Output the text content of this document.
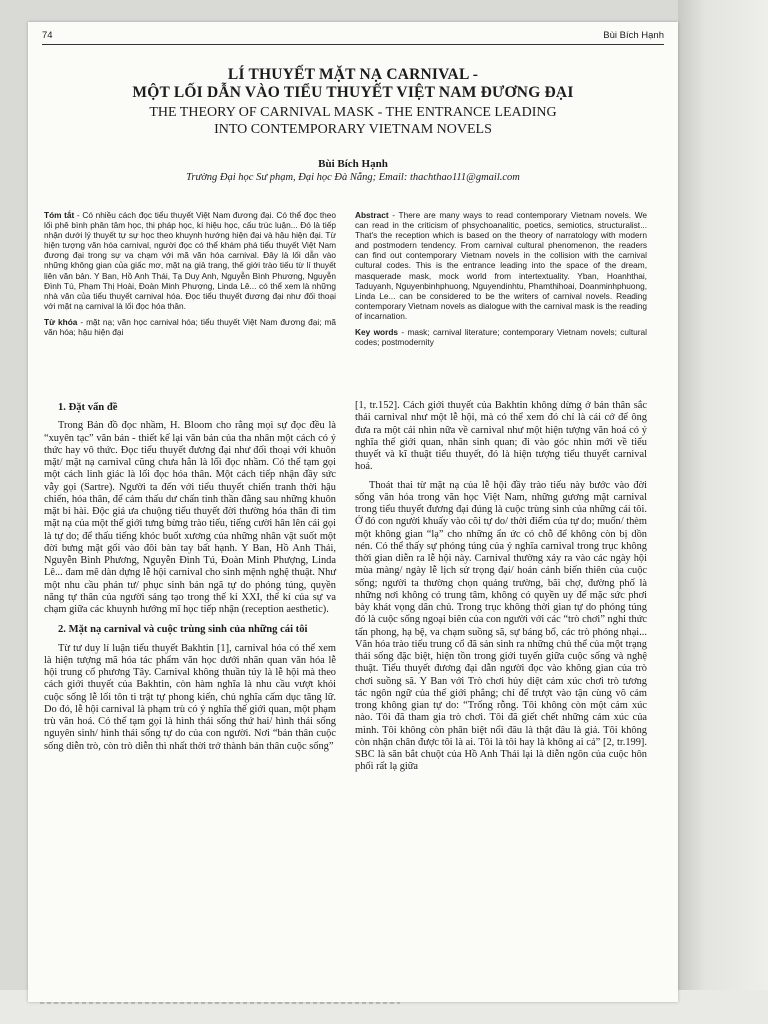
74	Bùi Bích Hạnh
LÍ THUYẾT MẶT NẠ CARNIVAL -
MỘT LỐI DẪN VÀO TIỂU THUYẾT VIỆT NAM ĐƯƠNG ĐẠI
THE THEORY OF CARNIVAL MASK - THE ENTRANCE LEADING
INTO CONTEMPORARY VIETNAM NOVELS
Bùi Bích Hạnh
Trường Đại học Sư phạm, Đại học Đà Nẵng; Email: thachthao111@gmail.com

Tóm tắt - Có nhiều cách đọc tiểu thuyết Việt Nam đương đại. Có thể đọc theo lối phê bình phân tâm học, thi pháp học, kí hiệu học, cấu trúc luận... Đó là tiếp nhận dưới lý thuyết tự sự học theo khuynh hướng hiện đại và hậu hiện đại. Từ hiện tượng văn hóa carnival, người đọc có thể khám phá tiểu thuyết Việt Nam đương đại trong sự va chạm với mã văn hóa carnival. Đây là lối dẫn vào những không gian của giấc mơ, mặt nạ giả trang, thế giới trào tiếu từ lí thuyết liên văn bản. Y Ban, Hồ Anh Thái, Tạ Duy Anh, Nguyễn Bình Phương, Nguyễn Đình Tú, Phạm Thị Hoài, Đoàn Minh Phượng, Linda Lê... có thể xem là những nhà văn của tiểu thuyết carnival hóa. Đọc tiểu thuyết đương đại như đối thoại với mặt nạ carnival là lối đọc hóa thân.

Từ khóa - mặt nạ; văn học carnival hóa; tiểu thuyết Việt Nam đương đại; mã văn hóa; hậu hiện đại

Abstract - There are many ways to read contemporary Vietnam novels. We can read in the criticism of phsychoanalitic, poetics, semiotics, structuralist... That's the reception which is based on the theory of narratology with modern and postmodern tendency. From carnival cultural phenomenon, the readers can find out contemporary Vietnam novels in the collision with the carnival cultural codes. This is the entrance leading into the space of the dream, masquerade mask, mock world from intertextuality. Yban, Hoanhthai, Taduyanh, Nguyenbinhphuong, Nguyendinhtu, Phamthihoai, Doanminhphuong, Linda Le... can be considered to be the writers of carnival novels. Reading contemporary Vietnam novels as dialogue with the carnival mask is the reading of incarnation.

Key words - mask; carnival literature; contemporary Vietnam novels; cultural codes; postmodernity

1. Đặt vấn đề

Trong Bản đồ đọc nhầm, H. Bloom cho rằng mọi sự đọc đều là “xuyên tạc” văn bản - thiết kế lại văn bản của tha nhân một cách có ý thức hay vô thức. Đọc tiểu thuyết đương đại như đối thoại với khuôn mặt/ mặt nạ carnival cũng chưa hẳn là lối đọc nhầm. Có thể tạm gọi một cách linh giác là lối đọc hóa thân. Một cách tiếp nhận đầy sức vẫy gọi (Sartre). Người ta đến với tiểu thuyết chiến tranh thời hậu chiến, hóa thân, để cảm thấu dư chấn tinh thần đằng sau những khuôn mặt bi hài. Độc giả ưa chuộng tiểu thuyết đời thường hóa thân đi tìm mặt nạ của một thế giới tưng bừng trào tiếu, tiếng cười hân lên cái gọi là tự do; để thấu tiếng khóc buốt xương của những nhân vật suốt một đời bưng mặt gối vào đôi bàn tay bất hạnh. Y Ban, Hồ Anh Thái, Nguyễn Bình Phương, Nguyễn Đình Tú, Đoàn Minh Phượng, Linda Lê... đam mê dàn dựng lễ hội carnival cho sinh mệnh nghệ thuật. Như một nhu cầu phản tư/ phục sinh bản ngã tự do phóng túng, quyền năng tự thân của người sáng tạo trong thế kỉ XXI, thể kí của sự va chạm giữa các khuynh hướng mĩ học tiếp nhận (reception aesthetic).

2. Mặt nạ carnival và cuộc trùng sinh của những cái tôi

Từ tư duy lí luận tiểu thuyết Bakhtin [1], carnival hóa có thể xem là hiện tượng mã hóa tác phẩm văn học dưới nhãn quan văn hóa lễ hội trung cổ phương Tây. Carnival không thuần túy là lễ hội mà theo cách giới thuyết của Bakhtin, còn hàm nghĩa là nhu cầu vượt khỏi cuộc sống lễ lối tôn ti trật tự phong kiến, chủ nghĩa cấm dục tăng lữ. Do đó, lễ hội carnival là phạm trù có ý nghĩa thế giới quan, một phạm trù văn hoá. Có thể tạm gọi là hình thái sống thứ hai/ hình thái sống nguyên sinh/ hình thái sống tự do của con người. Nơi “bản thân cuộc sống diễn trò, còn trò diễn thì nhất thời trở thành bản thân cuộc sống”

[1, tr.152]. Cách giới thuyết của Bakhtin không dừng ở bản thân sắc thái carnival như một lễ hội, mà có thể xem đó chỉ là cái cớ để ông đưa ra một cái nhìn nữa về carnival như một hiện tượng văn hoá có ý nghĩa thế giới quan, nhân sinh quan; đi vào góc nhìn mới về tiểu thuyết và kĩ thuật tiểu thuyết, đó là hiện tượng tiểu thuyết carnival hoá.

Thoát thai từ mặt nạ của lễ hội đầy trào tiếu này bước vào đời sống văn hóa trong văn học Việt Nam, những gương mặt carnival trong tiểu thuyết đương đại đúng là cuộc trùng sinh của những cái tôi. Ở đó con người khuấy vào cõi tự do/ thời điểm của tự do; muốn/ thèm một không gian “lạ” cho những ẩn ức có chỗ để không còn bị dồn nén. Có thể thấy sự phóng túng của ý nghĩa carnival trong trục không thời gian diễn ra lễ hội này. Carnival thường xảy ra vào các ngày hội mùa màng/ ngày lễ lịch sử trọng đại/ hoán cảnh biến thiên của cuộc sống; người ta thường chọn quảng trường, bãi chợ, đường phố là những nơi không có trung tâm, không có quyền uy để mặc sức phơi bày khát vọng dân chủ. Trong trục không thời gian tự do phóng túng đó là cuộc sống ngoại biên của con người với các “trò chơi” nghi thức tấn phong, hạ bệ, va chạm suồng sã, sự báng bổ, các trò phóng nhại... Văn hóa trào tiếu trung cổ đã sản sinh ra những chủ thể của một trạng thái sống đặc biệt, hiện tồn trong giới tuyến giữa cuộc sống và nghệ thuật. Tiểu thuyết đương đại dẫn người đọc vào không gian của trò chơi suồng sã. Y Ban với Trò chơi hủy diệt cảm xúc chơi trò tương tác ngôn ngữ của thế giới phẳng; chỉ để trượt vào tận cùng vô cảm trong không gian tự do: “Trống rỗng. Tôi không còn một cảm xúc nào. Tôi đã tham gia trò chơi. Tôi đã giết chết những cảm xúc của mình. Tôi không còn phân biệt nổi đâu là thật đâu là giả. Tôi không còn nhận chân được tôi là ai. Tôi là tôi hay là không ai cả” [2, tr.199]. SBC là săn bắt chuột của Hồ Anh Thái lại là diễn ngôn của cuộc hôn phối rất lạ giữa
